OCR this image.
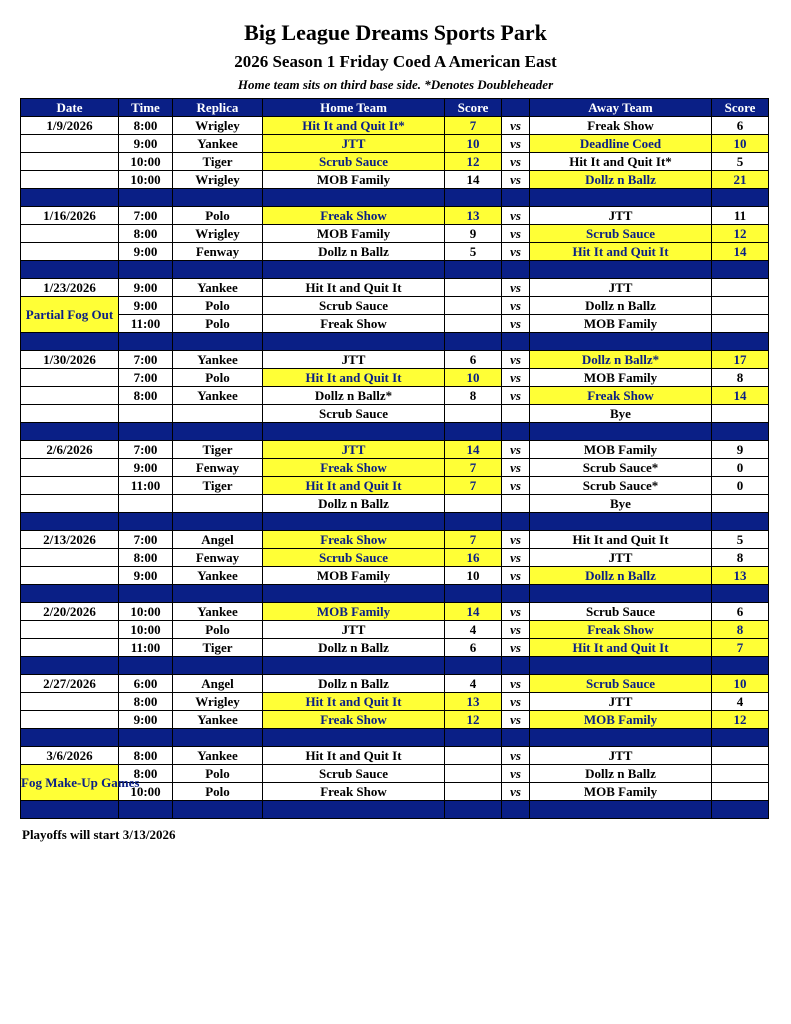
Big League Dreams Sports Park
2026 Season 1 Friday Coed A American East
Home team sits on third base side. *Denotes Doubleheader
Date	Time	Replica	Home Team	Score		Away Team	Score
1/9/2026	8:00	Wrigley	Hit It and Quit It*	7	vs	Freak Show	6
	9:00	Yankee	JTT	10	vs	Deadline Coed	10
	10:00	Tiger	Scrub Sauce	12	vs	Hit It and Quit It*	5
	10:00	Wrigley	MOB Family	14	vs	Dollz n Ballz	21

1/16/2026	7:00	Polo	Freak Show	13	vs	JTT	11
	8:00	Wrigley	MOB Family	9	vs	Scrub Sauce	12
	9:00	Fenway	Dollz n Ballz	5	vs	Hit It and Quit It	14

1/23/2026	9:00	Yankee	Hit It and Quit It		vs	JTT	
Partial Fog Out	9:00	Polo	Scrub Sauce		vs	Dollz n Ballz	
	11:00	Polo	Freak Show		vs	MOB Family	

1/30/2026	7:00	Yankee	JTT	6	vs	Dollz n Ballz*	17
	7:00	Polo	Hit It and Quit It	10	vs	MOB Family	8
	8:00	Yankee	Dollz n Ballz*	8	vs	Freak Show	14
			Scrub Sauce			Bye	

2/6/2026	7:00	Tiger	JTT	14	vs	MOB Family	9
	9:00	Fenway	Freak Show	7	vs	Scrub Sauce*	0
	11:00	Tiger	Hit It and Quit It	7	vs	Scrub Sauce*	0
			Dollz n Ballz			Bye	

2/13/2026	7:00	Angel	Freak Show	7	vs	Hit It and Quit It	5
	8:00	Fenway	Scrub Sauce	16	vs	JTT	8
	9:00	Yankee	MOB Family	10	vs	Dollz n Ballz	13

2/20/2026	10:00	Yankee	MOB Family	14	vs	Scrub Sauce	6
	10:00	Polo	JTT	4	vs	Freak Show	8
	11:00	Tiger	Dollz n Ballz	6	vs	Hit It and Quit It	7

2/27/2026	6:00	Angel	Dollz n Ballz	4	vs	Scrub Sauce	10
	8:00	Wrigley	Hit It and Quit It	13	vs	JTT	4
	9:00	Yankee	Freak Show	12	vs	MOB Family	12

3/6/2026	8:00	Yankee	Hit It and Quit It		vs	JTT	
Fog Make-Up Games	8:00	Polo	Scrub Sauce		vs	Dollz n Ballz	
	10:00	Polo	Freak Show		vs	MOB Family	

Playoffs will start 3/13/2026
